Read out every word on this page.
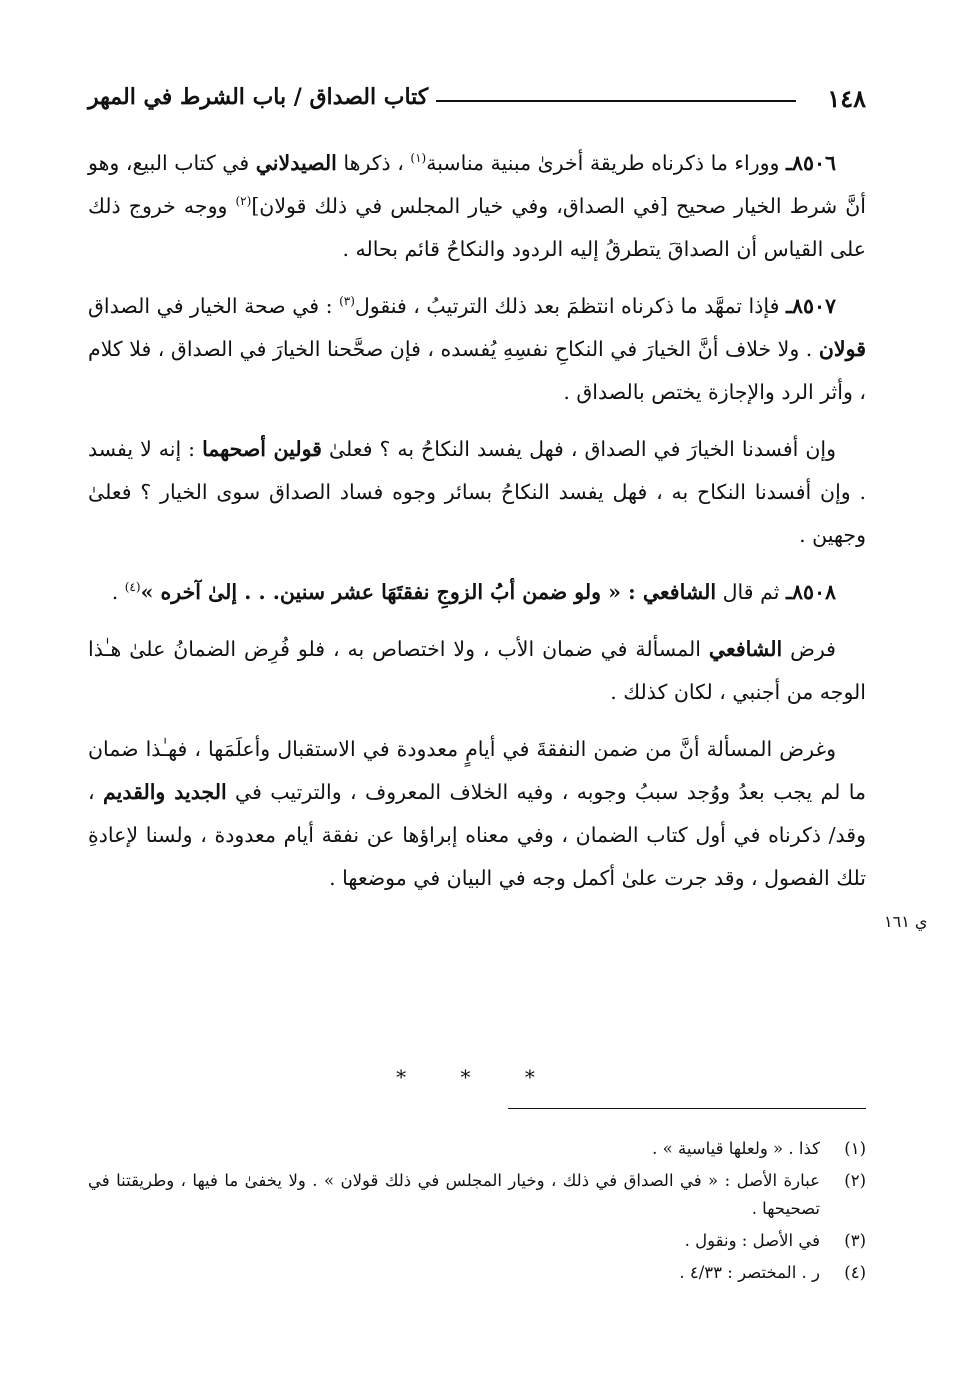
١٤٨
كتاب الصداق / باب الشرط في المهر

٨٥٠٦ـ ووراء ما ذكرناه طريقة أخرىٰ مبنية مناسبة$^{(١)}$ ، ذكرها الصيدلاني في كتاب البيع، وهو أنَّ شرط الخيار صحيح [في الصداق، وفي خيار المجلس في ذلك قولان]$^{(٢)}$ ووجه خروج ذلك على القياس أن الصداقَ يتطرقُ إليه الردود والنكاحُ قائم بحاله .

٨٥٠٧ـ فإذا تمهَّد ما ذكرناه انتظمَ بعد ذلك الترتيبُ ، فنقول$^{(٣)}$ : في صحة الخيار في الصداق قولان . ولا خلاف أنَّ الخيارَ في النكاحِ نفسِهِ يُفسده ، فإن صحَّحنا الخيارَ في الصداق ، فلا كلام ، وأثر الرد والإجازة يختص بالصداق .

وإن أفسدنا الخيارَ في الصداق ، فهل يفسد النكاحُ به ؟ فعلىٰ قولين أصحهما : إنه لا يفسد . وإن أفسدنا النكاح به ، فهل يفسد النكاحُ بسائر وجوه فساد الصداق سوى الخيار ؟ فعلىٰ وجهين .

٨٥٠٨ـ ثم قال الشافعي : « ولو ضمن أبُ الزوجِ نفقتَهَا عشر سنين. . . إلىٰ آخره »$^{(٤)}$ .

فرض الشافعي المسألة في ضمان الأب ، ولا اختصاص به ، فلو فُرِض الضمانُ علىٰ هـٰذا الوجه من أجنبي ، لكان كذلك .

وغرض المسألة أنَّ من ضمن النفقةَ في أيامٍ معدودة في الاستقبال وأعلَمَها ، فهـٰذا ضمان ما لم يجب بعدُ ووُجد سببُ وجوبه ، وفيه الخلاف المعروف ، والترتيب في الجديد والقديم ، وقد/ ذكرناه في أول كتاب الضمان ، وفي معناه إبراؤها عن نفقة أيام معدودة ، ولسنا لإعادةِ تلك الفصول ، وقد جرت علىٰ أكمل وجه في البيان في موضعها .

ي ١٦١
* * *
(١)
كذا . « ولعلها قياسية » .
(٢)
عبارة الأصل : « في الصداق في ذلك ، وخيار المجلس في ذلك قولان » . ولا يخفىٰ ما فيها ، وطريقتنا في تصحيحها .
(٣)
في الأصل : ونقول .
(٤)
ر . المختصر : ٤/٣٣ .
